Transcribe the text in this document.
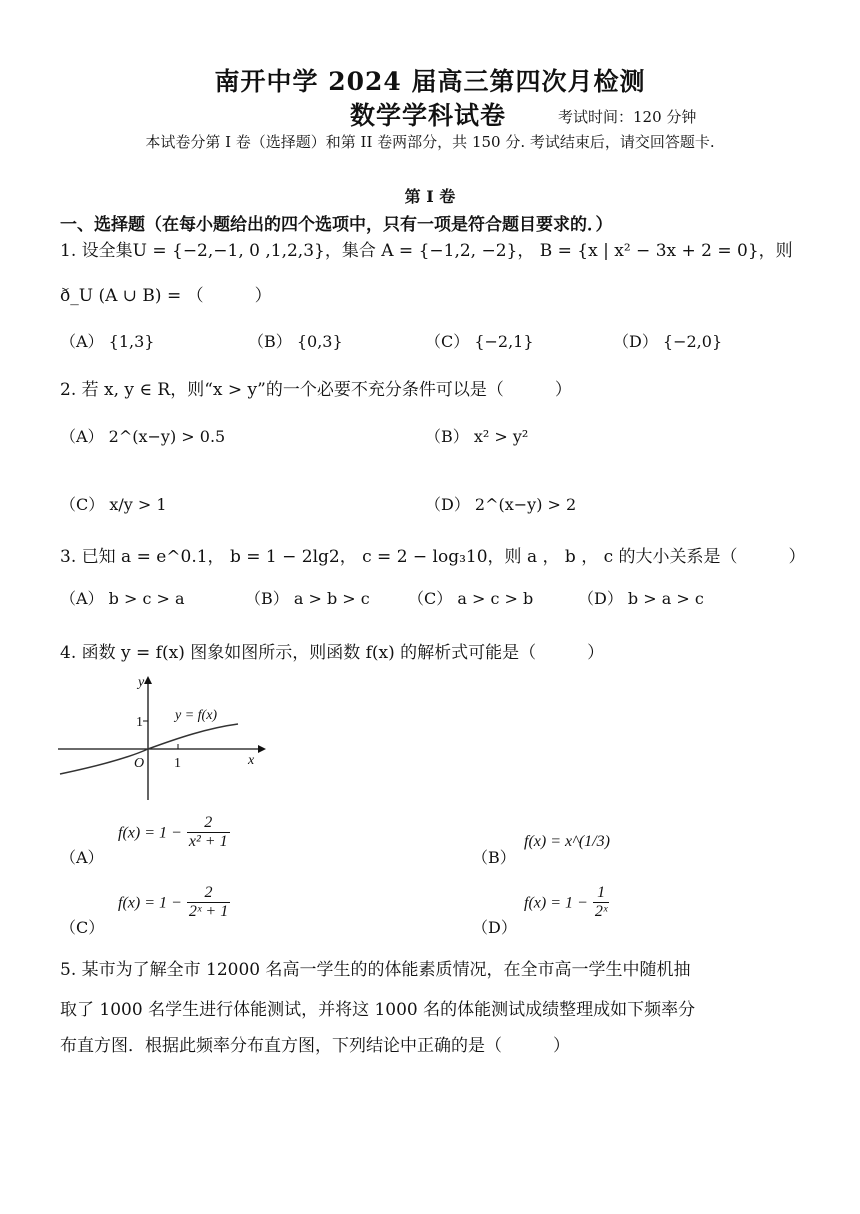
南开中学 2024 届高三第四次月检测
数学学科试卷	考试时间：120 分钟
本试卷分第 I 卷（选择题）和第 II 卷两部分，共 150 分. 考试结束后，请交回答题卡.
第 I 卷
一、选择题（在每小题给出的四个选项中，只有一项是符合题目要求的．）
1. 设全集U = {−2,−1, 0 ,1,2,3}，集合 A = {−1,2, −2}， B = {x | x² − 3x + 2 = 0}，则
ð_U (A ∪ B) = （　　　）
（A） {1,3}	（B） {0,3}	（C） {−2,1}	（D） {−2,0}
2. 若 x, y ∈ R，则“x > y”的一个必要不充分条件可以是（　　　）
（A） 2^(x−y) > 0.5	（B） x² > y²
（C） x/y > 1	（D） 2^(x−y) > 2
3. 已知 a = e^0.1， b = 1 − 2lg2， c = 2 − log₃10，则 a ， b ， c 的大小关系是（　　　）
（A） b > c > a	（B） a > b > c （C） a > c > b	（D） b > a > c
4. 函数 y = f(x) 图象如图所示，则函数 f(x) 的解析式可能是（　　　）
y
x
O
1
1
y = f(x)
（A）
$f(x) = 1 - \frac{2}{\text{x² + 1}}$
（B）
f(x) = x^(1/3)
（C）
$f(x) = 1 - \frac{2}{\text{2ˣ + 1}}$
（D）
$f(x) = 1 - \frac{1}{\text{2ˣ}}$
5. 某市为了解全市 12000 名高一学生的的体能素质情况，在全市高一学生中随机抽
取了 1000 名学生进行体能测试，并将这 1000 名的体能测试成绩整理成如下频率分
布直方图．根据此频率分布直方图，下列结论中正确的是（　　　）
